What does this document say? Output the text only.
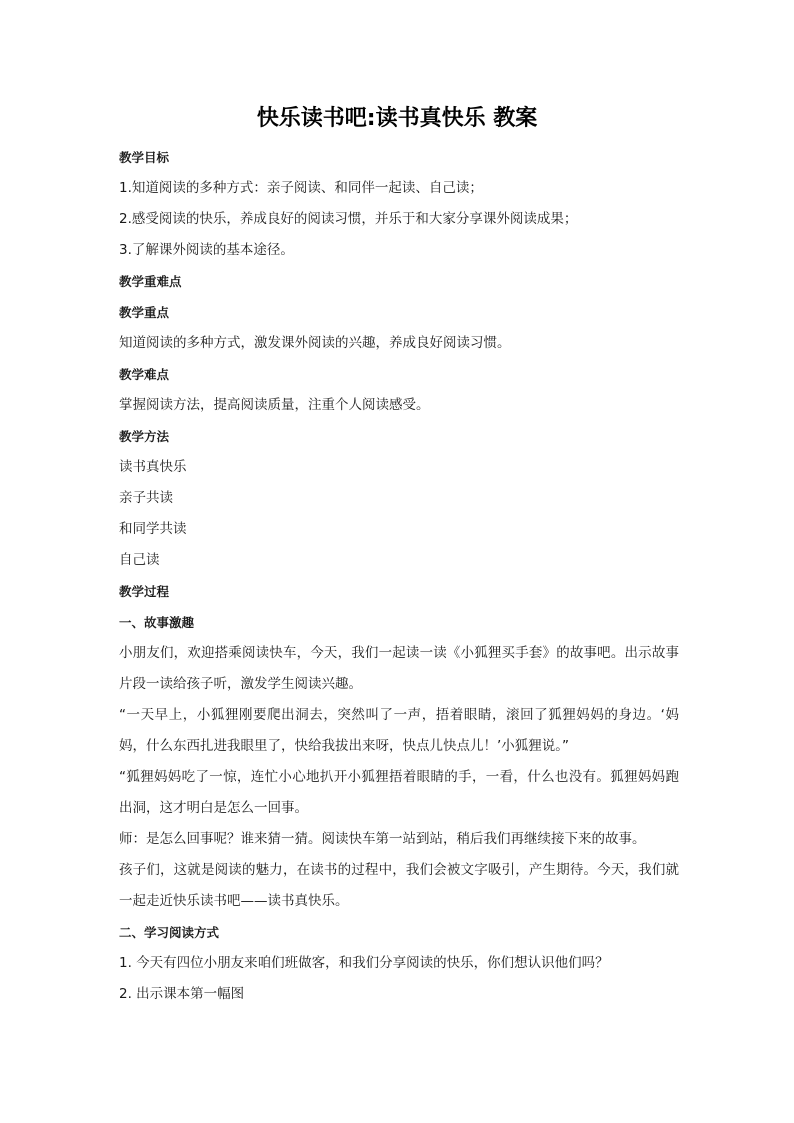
快乐读书吧:读书真快乐 教案
教学目标
1.知道阅读的多种方式：亲子阅读、和同伴一起读、自己读；
2.感受阅读的快乐，养成良好的阅读习惯，并乐于和大家分享课外阅读成果；
3.了解课外阅读的基本途径。
教学重难点
教学重点
知道阅读的多种方式，激发课外阅读的兴趣，养成良好阅读习惯。
教学难点
掌握阅读方法，提高阅读质量，注重个人阅读感受。
教学方法
读书真快乐
亲子共读
和同学共读
自己读
教学过程
一、故事激趣
小朋友们，欢迎搭乘阅读快车，今天，我们一起读一读《小狐狸买手套》的故事吧。出示故事片段一读给孩子听，激发学生阅读兴趣。
“一天早上，小狐狸刚要爬出洞去，突然叫了一声，捂着眼睛，滚回了狐狸妈妈的身边。‘妈妈，什么东西扎进我眼里了，快给我拔出来呀，快点儿快点儿！’小狐狸说。”
“狐狸妈妈吃了一惊，连忙小心地扒开小狐狸捂着眼睛的手，一看，什么也没有。狐狸妈妈跑出洞，这才明白是怎么一回事。
师：是怎么回事呢？谁来猜一猜。阅读快车第一站到站，稍后我们再继续接下来的故事。
孩子们，这就是阅读的魅力，在读书的过程中，我们会被文字吸引，产生期待。今天，我们就一起走近快乐读书吧——读书真快乐。
二、学习阅读方式
1. 今天有四位小朋友来咱们班做客，和我们分享阅读的快乐，你们想认识他们吗？
2. 出示课本第一幅图
